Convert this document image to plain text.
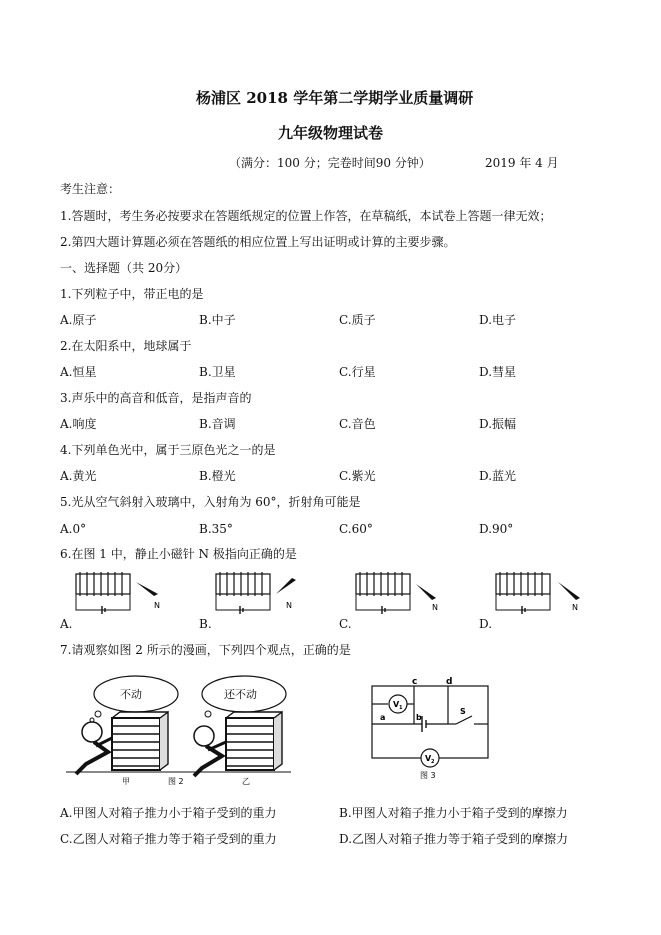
杨浦区 2018 学年第二学期学业质量调研
九年级物理试卷
（满分：100 分；完卷时间90 分钟）	2019 年 4 月
考生注意：
1.答题时，考生务必按要求在答题纸规定的位置上作答，在草稿纸，本试卷上答题一律无效；
2.第四大题计算题必须在答题纸的相应位置上写出证明或计算的主要步骤。
一、选择题（共 20分）
1.下列粒子中，带正电的是
A.原子	B.中子	C.质子	D.电子
2.在太阳系中，地球属于
A.恒星	B.卫星	C.行星	D.彗星
3.声乐中的高音和低音，是指声音的
A.响度	B.音调	C.音色	D.振幅
4.下列单色光中，属于三原色光之一的是
A.黄光	B.橙光	C.紫光	D.蓝光
5.光从空气斜射入玻璃中，入射角为 60°，折射角可能是
A.0°	B.35°	C.60°	D.90°
6.在图 1 中，静止小磁针 N 极指向正确的是
N	N	N	N
A.	B.	C.	D.
7.请观察如图 2 所示的漫画，下列四个观点，正确的是
不动	还不动
甲	图 2	乙
c	d
V 1
a	b
S
V 2
图 3
A.甲图人对箱子推力小于箱子受到的重力	B.甲图人对箱子推力小于箱子受到的摩擦力
C.乙图人对箱子推力等于箱子受到的重力	D.乙图人对箱子推力等于箱子受到的摩擦力
